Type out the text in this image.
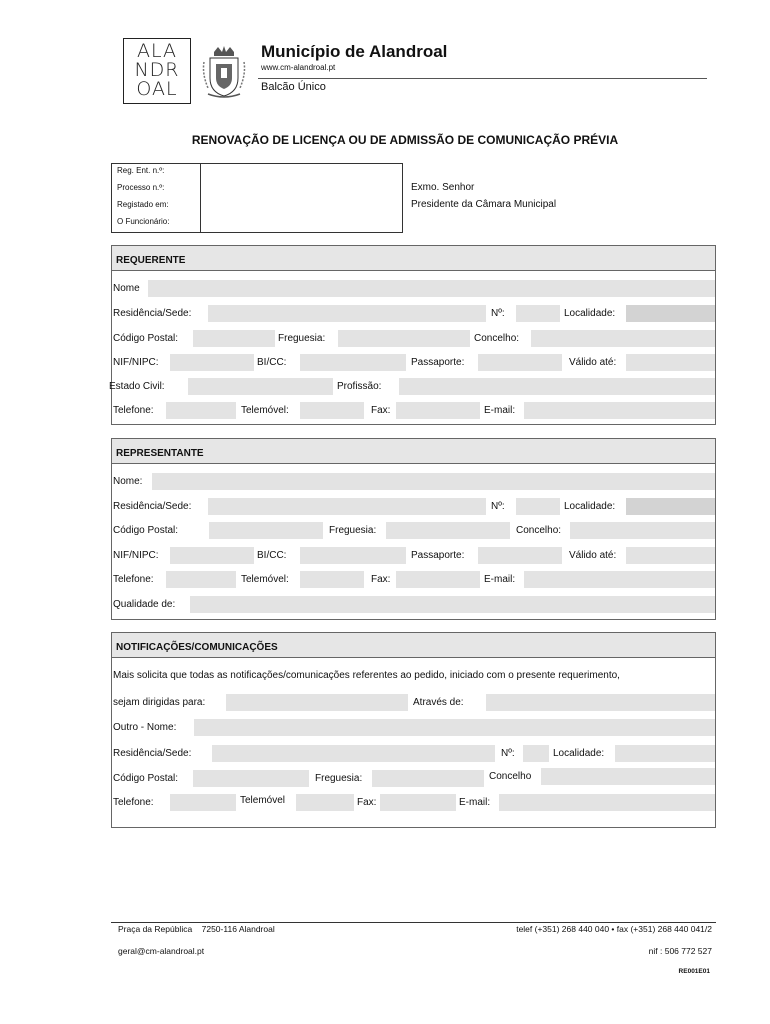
ALA
NDR
OAL
Município de Alandroal
www.cm-alandroal.pt
Balcão Único
RENOVAÇÃO DE LICENÇA OU DE ADMISSÃO DE COMUNICAÇÃO PRÉVIA
Reg. Ent. n.º:
Processo n.º:
Registado em:
O Funcionário:
Exmo. Senhor
Presidente da Câmara Municipal
REQUERENTE
Nome
Residência/Sede:	Nº:	Localidade:
Código Postal:	Freguesia:	Concelho:
NIF/NIPC:	BI/CC:	Passaporte:	Válido até:
Estado Civil:	Profissão:
Telefone:	Telemóvel:	Fax:	E-mail:
REPRESENTANTE
Nome:
Residência/Sede:	Nº:	Localidade:
Código Postal:	Freguesia:	Concelho:
NIF/NIPC:	BI/CC:	Passaporte:	Válido até:
Telefone:	Telemóvel:	Fax:	E-mail:
Qualidade de:
NOTIFICAÇÕES/COMUNICAÇÕES
Mais solicita que todas as notificações/comunicações referentes ao pedido, iniciado com o presente requerimento,
sejam dirigidas para:	Através de:
Outro - Nome:
Residência/Sede:	Nº:	Localidade:
Código Postal:	Freguesia:	Concelho
Telefone:	Telemóvel	Fax:	E-mail:
Praça da República    7250-116 Alandroal	telef (+351) 268 440 040 • fax (+351) 268 440 041/2
geral@cm-alandroal.pt	nif : 506 772 527
RE001E01
